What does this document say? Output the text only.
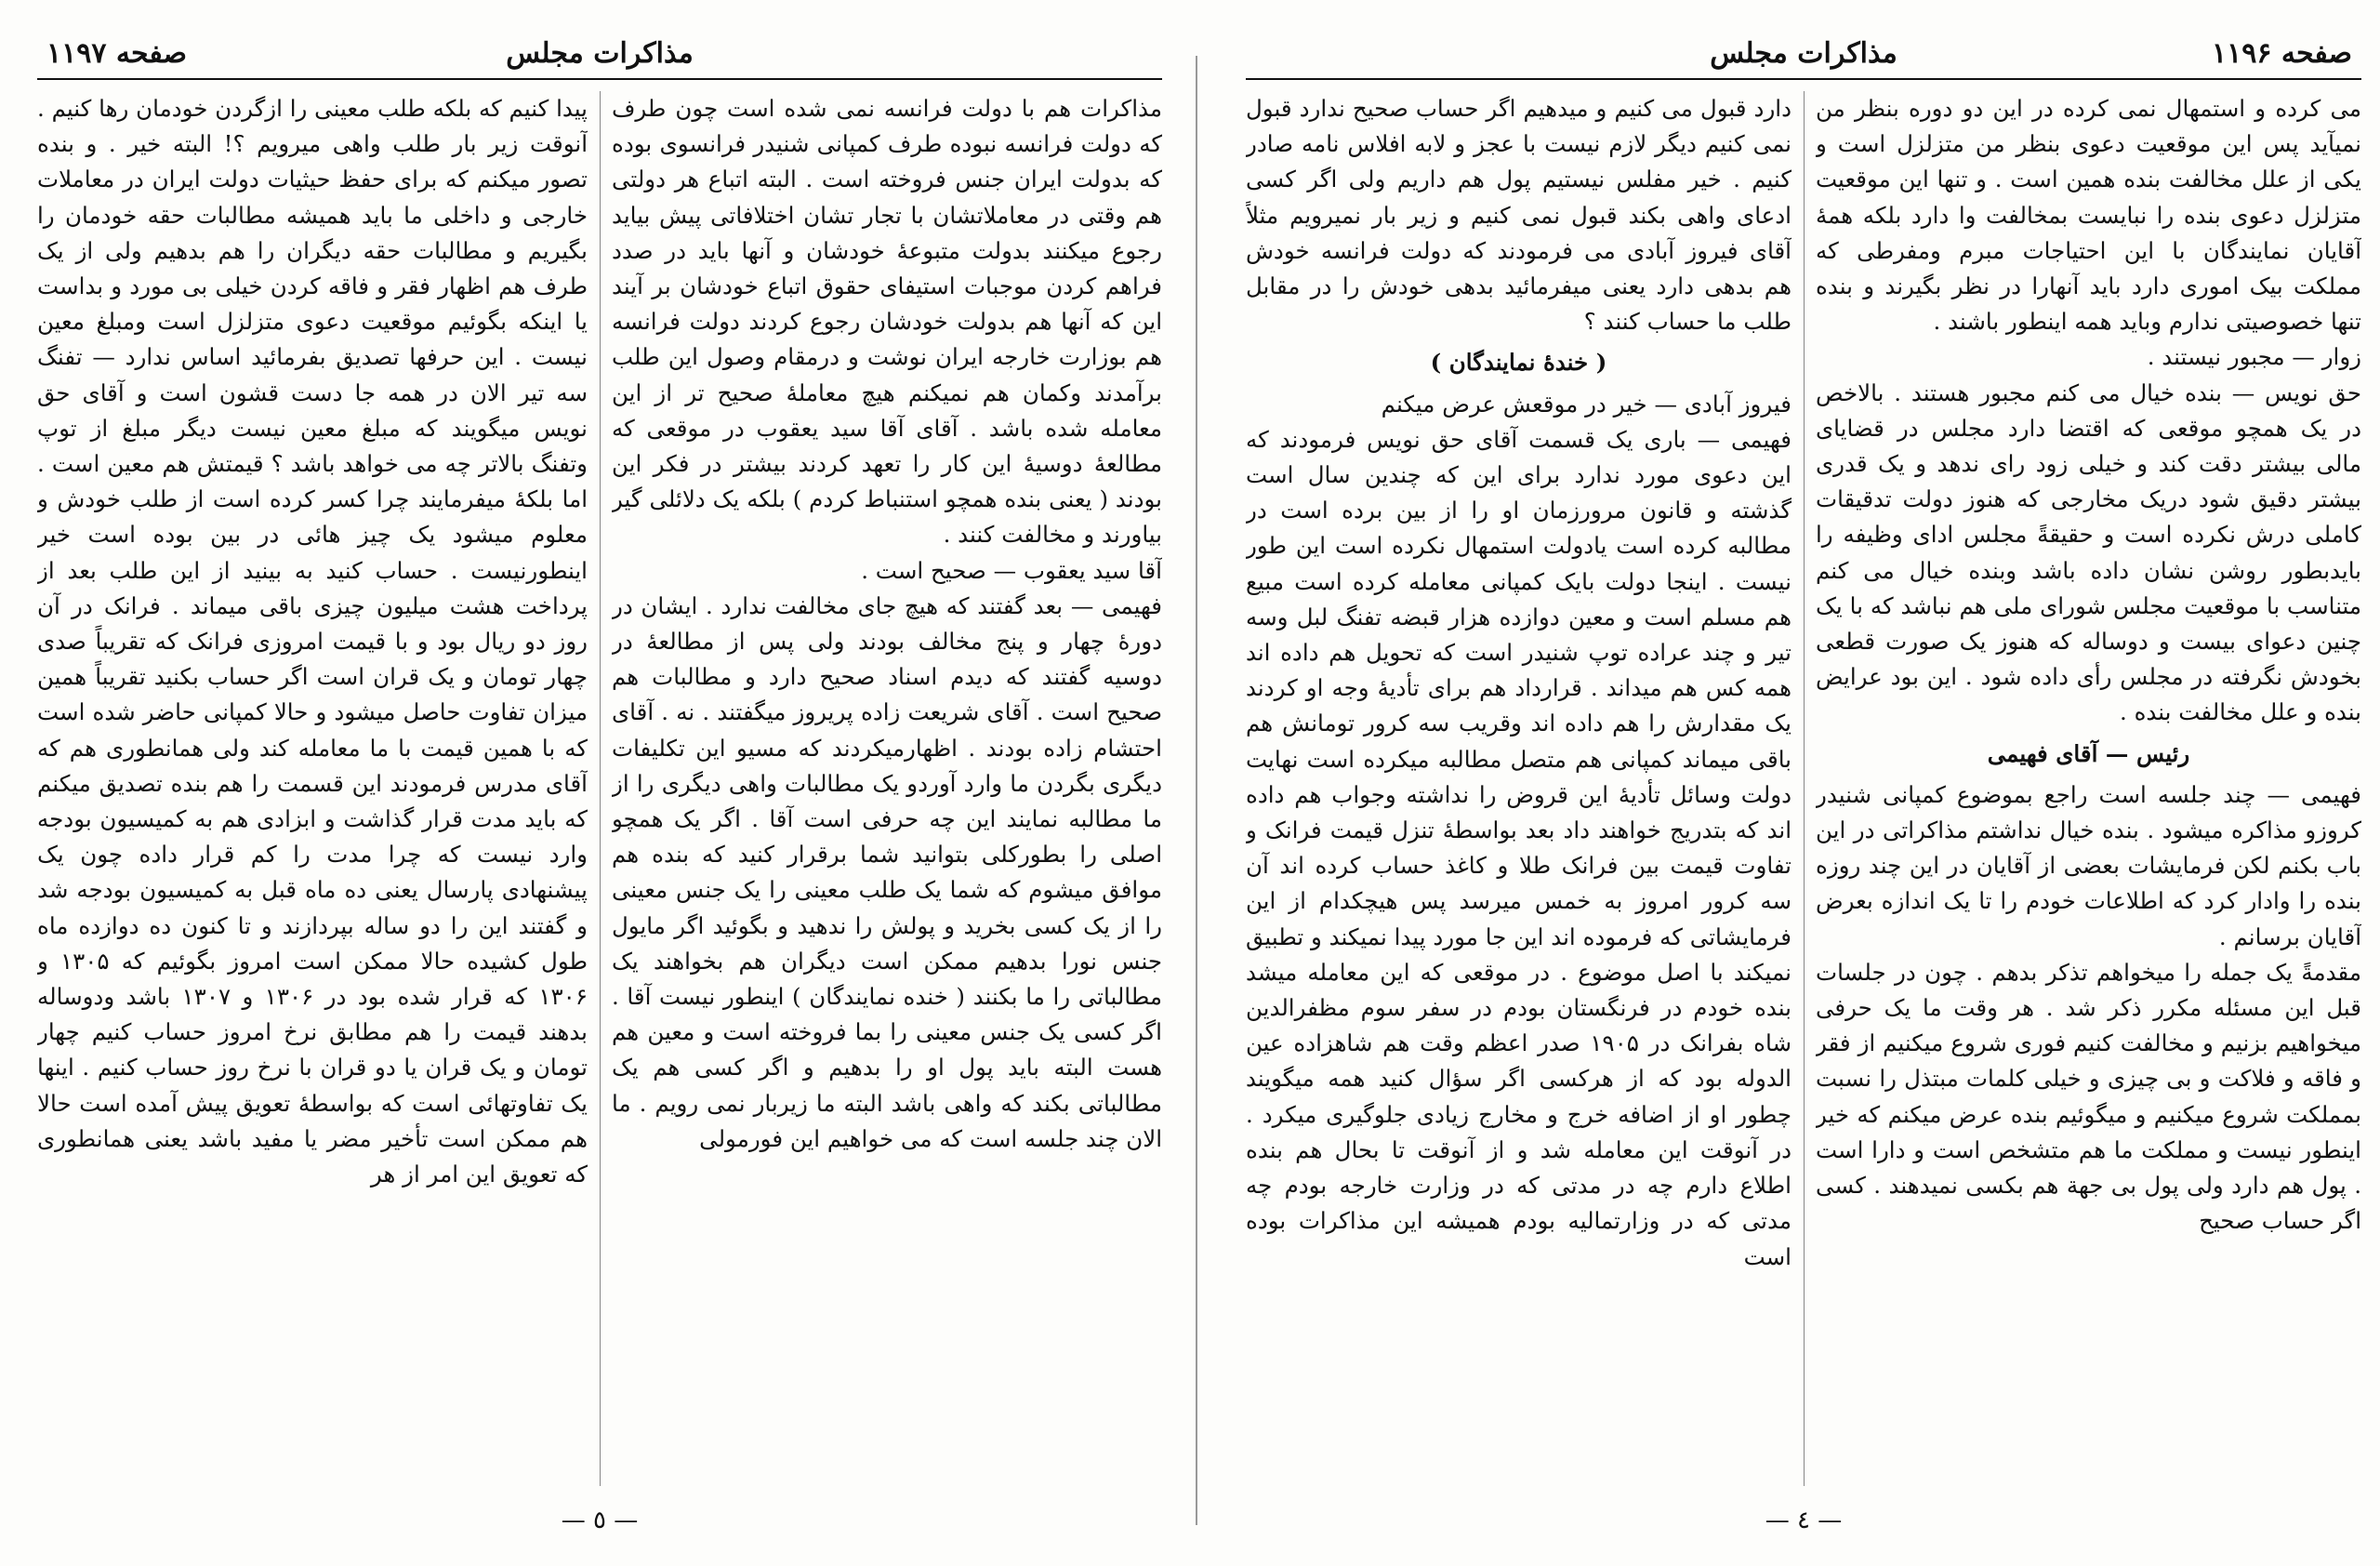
صفحه ۱۱۹۷	مذاکرات مجلس

مذاکرات هم با دولت فرانسه نمی شده است چون طرف که دولت فرانسه نبوده طرف کمپانی شنیدر فرانسوی بوده که بدولت ایران جنس فروخته است . البته اتباع هر دولتی هم وقتی در معاملاتشان با تجار تشان اختلافاتی پیش بیاید رجوع میکنند بدولت متبوعهٔ خودشان و آنها باید در صدد فراهم کردن موجبات استیفای حقوق اتباع خودشان بر آیند این که آنها هم بدولت خودشان رجوع کردند دولت فرانسه هم بوزارت خارجه ایران نوشت و درمقام وصول این طلب برآمدند وکمان هم نمیکنم هیچ معاملهٔ صحیح تر از این معامله شده باشد . آقای آقا سید یعقوب در موقعی که مطالعهٔ دوسیهٔ این کار را تعهد کردند بیشتر در فکر این بودند ( یعنی بنده همچو استنباط کردم ) بلکه یک دلائلی گیر بیاورند و مخالفت کنند .

آقا سید یعقوب — صحیح است .

فهیمی — بعد گفتند که هیچ جای مخالفت ندارد . ایشان در دورهٔ چهار و پنج مخالف بودند ولی پس از مطالعهٔ در دوسیه گفتند که دیدم اسناد صحیح دارد و مطالبات هم صحیح است . آقای شریعت زاده پریروز میگفتند . نه . آقای احتشام زاده بودند . اظهارمیکردند که مسیو این تکلیفات دیگری بگردن ما وارد آوردو یک مطالبات واهی دیگری را از ما مطالبه نمایند این چه حرفی است آقا . اگر یک همچو اصلی را بطورکلی بتوانید شما برقرار کنید که بنده هم موافق میشوم که شما یک طلب معینی را یک جنس معینی را از یک کسی بخرید و پولش را ندهید و بگوئید اگر مایول جنس نورا بدهیم ممکن است دیگران هم بخواهند یک مطالباتی را ما بکنند ( خنده نمایندگان ) اینطور نیست آقا . اگر کسی یک جنس معینی را بما فروخته است و معین هم هست البته باید پول او را بدهیم و اگر کسی هم یک مطالباتی بکند که واهی باشد البته ما زیربار نمی رویم . ما الان چند جلسه است که می خواهیم این فورمولی

پیدا کنیم که بلکه طلب معینی را ازگردن خودمان رها کنیم . آنوقت زیر بار طلب واهی میرویم ؟! البته خیر . و بنده تصور میکنم که برای حفظ حیثیات دولت ایران در معاملات خارجی و داخلی ما باید همیشه مطالبات حقه خودمان را بگیریم و مطالبات حقه دیگران را هم بدهیم ولی از یک طرف هم اظهار فقر و فاقه کردن خیلی بی مورد و بداست یا اینکه بگوئیم موقعیت دعوی متزلزل است ومبلغ معین نیست . این حرفها تصدیق بفرمائید اساس ندارد — تفنگ سه تیر الان در همه جا دست قشون است و آقای حق نویس میگویند که مبلغ معین نیست دیگر مبلغ از توپ وتفنگ بالاتر چه می خواهد باشد ؟ قیمتش هم معین است . اما بلکهٔ میفرمایند چرا کسر کرده است از طلب خودش و معلوم میشود یک چیز هائی در بین بوده است خیر اینطورنیست . حساب کنید به بینید از این طلب بعد از پرداخت هشت میلیون چیزی باقی میماند . فرانک در آن روز دو ریال بود و با قیمت امروزی فرانک که تقریباً صدی چهار تومان و یک قران است اگر حساب بکنید تقریباً همین میزان تفاوت حاصل میشود و حالا کمپانی حاضر شده است که با همین قیمت با ما معامله کند ولی همانطوری هم که آقای مدرس فرمودند این قسمت را هم بنده تصدیق میکنم که باید مدت قرار گذاشت و ابزادی هم به کمیسیون بودجه وارد نیست که چرا مدت را کم قرار داده چون یک پیشنهادی پارسال یعنی ده ماه قبل به کمیسیون بودجه شد و گفتند این را دو ساله بپردازند و تا کنون ده دوازده ماه طول کشیده حالا ممکن است امروز بگوئیم که ۱۳۰۵ و ۱۳۰۶ که قرار شده بود در ۱۳۰۶ و ۱۳۰۷ باشد ودوساله بدهند قیمت را هم مطابق نرخ امروز حساب کنیم چهار تومان و یک قران یا دو قران با نرخ روز حساب کنیم . اینها یک تفاوتهائی است که بواسطهٔ تعویق پیش آمده است حالا هم ممکن است تأخیر مضر یا مفید باشد یعنی همانطوری که تعویق این امر از هر

— ٥ —
صفحه ۱۱۹۶
مذاکرات مجلس

می کرده و استمهال نمی کرده در این دو دوره بنظر من نمیآید پس این موقعیت دعوی بنظر من متزلزل است و یکی از علل مخالفت بنده همین است . و تنها این موقعیت متزلزل دعوی بنده را نبایست بمخالفت وا دارد بلکه همهٔ آقایان نمایندگان با این احتیاجات مبرم ومفرطی که مملکت بیک اموری دارد باید آنهارا در نظر بگیرند و بنده تنها خصوصیتی ندارم وباید همه اینطور باشند .

زوار — مجبور نیستند .

حق نویس — بنده خیال می کنم مجبور هستند . بالاخص در یک همچو موقعی که اقتضا دارد مجلس در قضایای مالی بیشتر دقت کند و خیلی زود رای ندهد و یک قدری بیشتر دقیق شود دریک مخارجی که هنوز دولت تدقیقات کاملی درش نکرده است و حقیقةً مجلس ادای وظیفه را بایدبطور روشن نشان داده باشد وبنده خیال می کنم متناسب با موقعیت مجلس شورای ملی هم نباشد که با یک چنین دعوای بیست و دوساله که هنوز یک صورت قطعی بخودش نگرفته در مجلس رأی داده شود . این بود عرایض بنده و علل مخالفت بنده .

رئیس — آقای فهیمی

فهیمی — چند جلسه است راجع بموضوع کمپانی شنیدر کروزو مذاکره میشود . بنده خیال نداشتم مذاکراتی در این باب بکنم لکن فرمایشات بعضی از آقایان در این چند روزه بنده را وادار کرد که اطلاعات خودم را تا یک اندازه بعرض آقایان برسانم .

مقدمةً یک جمله را میخواهم تذکر بدهم . چون در جلسات قبل این مسئله مکرر ذکر شد . هر وقت ما یک حرفی میخواهیم بزنیم و مخالفت کنیم فوری شروع میکنیم از فقر و فاقه و فلاکت و بی چیزی و خیلی کلمات مبتذل را نسبت بمملکت شروع میکنیم و میگوئیم بنده عرض میکنم که خیر اینطور نیست و مملکت ما هم متشخص است و دارا است . پول هم دارد ولی پول بی جهة هم بکسی نمیدهند . کسی اگر حساب صحیح

دارد قبول می کنیم و میدهیم اگر حساب صحیح ندارد قبول نمی کنیم دیگر لازم نیست با عجز و لابه افلاس نامه صادر کنیم . خیر مفلس نیستیم پول هم داریم ولی اگر کسی ادعای واهی بکند قبول نمی کنیم و زیر بار نمیرویم مثلاً آقای فیروز آبادی می فرمودند که دولت فرانسه خودش هم بدهی دارد یعنی میفرمائید بدهی خودش را در مقابل طلب ما حساب کنند ؟

( خندهٔ نمایندگان )

فیروز آبادی — خیر در موقعش عرض میکنم

فهیمی — باری یک قسمت آقای حق نویس فرمودند که این دعوی مورد ندارد برای این که چندین سال است گذشته و قانون مرورزمان او را از بین برده است در مطالبه کرده است یادولت استمهال نکرده است این طور نیست . اینجا دولت بایک کمپانی معامله کرده است مبیع هم مسلم است و معین دوازده هزار قبضه تفنگ لبل وسه تیر و چند عراده توپ شنیدر است که تحویل هم داده اند همه کس هم میداند . قرارداد هم برای تأدیهٔ وجه او کردند یک مقدارش را هم داده اند وقریب سه کرور تومانش هم باقی میماند کمپانی هم متصل مطالبه میکرده است نهایت دولت وسائل تأدیهٔ این قروض را نداشته وجواب هم داده اند که بتدریج خواهند داد بعد بواسطهٔ تنزل قیمت فرانک و تفاوت قیمت بین فرانک طلا و کاغذ حساب کرده اند آن سه کرور امروز به خمس میرسد پس هیچکدام از این فرمایشاتی که فرموده اند این جا مورد پیدا نمیکند و تطبیق نمیکند با اصل موضوع . در موقعی که این معامله میشد بنده خودم در فرنگستان بودم در سفر سوم مظفرالدین شاه بفرانک در ۱۹۰۵ صدر اعظم وقت هم شاهزاده عین الدوله بود که از هرکسی اگر سؤال کنید همه میگویند چطور او از اضافه خرج و مخارج زیادی جلوگیری میکرد . در آنوقت این معامله شد و از آنوقت تا بحال هم بنده اطلاع دارم چه در مدتی که در وزارت خارجه بودم چه مدتی که در وزارتمالیه بودم همیشه این مذاکرات بوده است

— ٤ —
